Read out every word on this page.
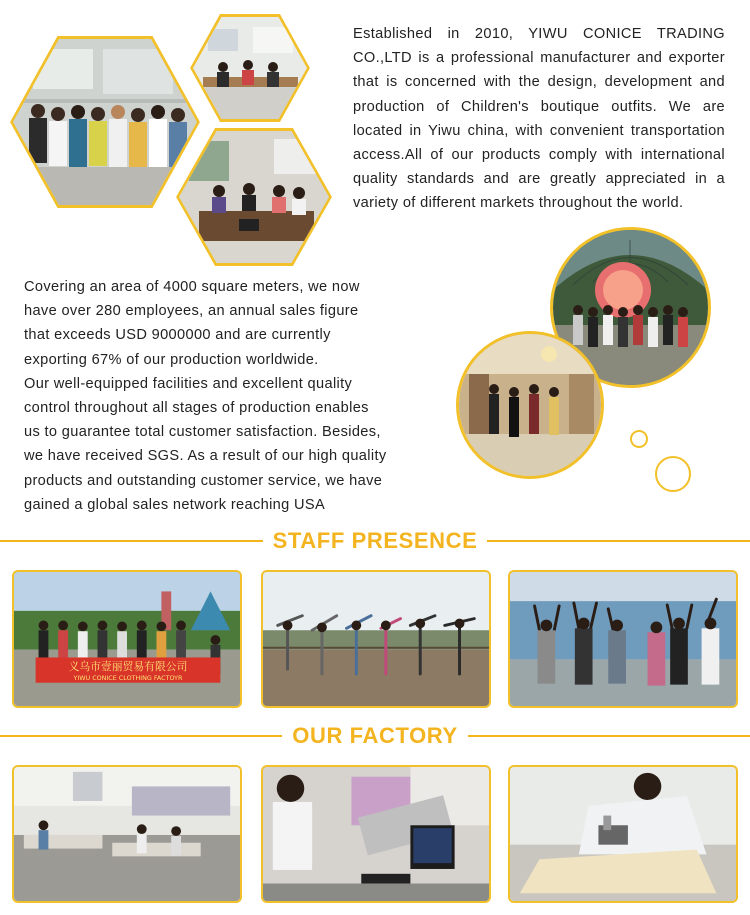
Established in 2010, YIWU CONICE TRADING CO.,LTD is a professional manufacturer and exporter that is concerned with the design, development and production of Children's boutique outfits. We are located in Yiwu china, with convenient transportation access.All of our products comply with international quality standards and are greatly appreciated in a variety of different markets throughout the world.

Covering an area of 4000 square meters, we now
have over 280 employees, an annual sales figure
that exceeds USD 9000000 and are currently
exporting 67% of our production worldwide.
Our well-equipped facilities and excellent quality
control throughout all stages of production enables
us to guarantee total customer satisfaction. Besides,
we have received SGS. As a result of our high quality
products and outstanding customer service, we have
gained a global sales network reaching USA
STAFF PRESENCE
义乌市壹丽贸易有限公司
YIWU CONICE CLOTHING FACTOYR
OUR FACTORY
